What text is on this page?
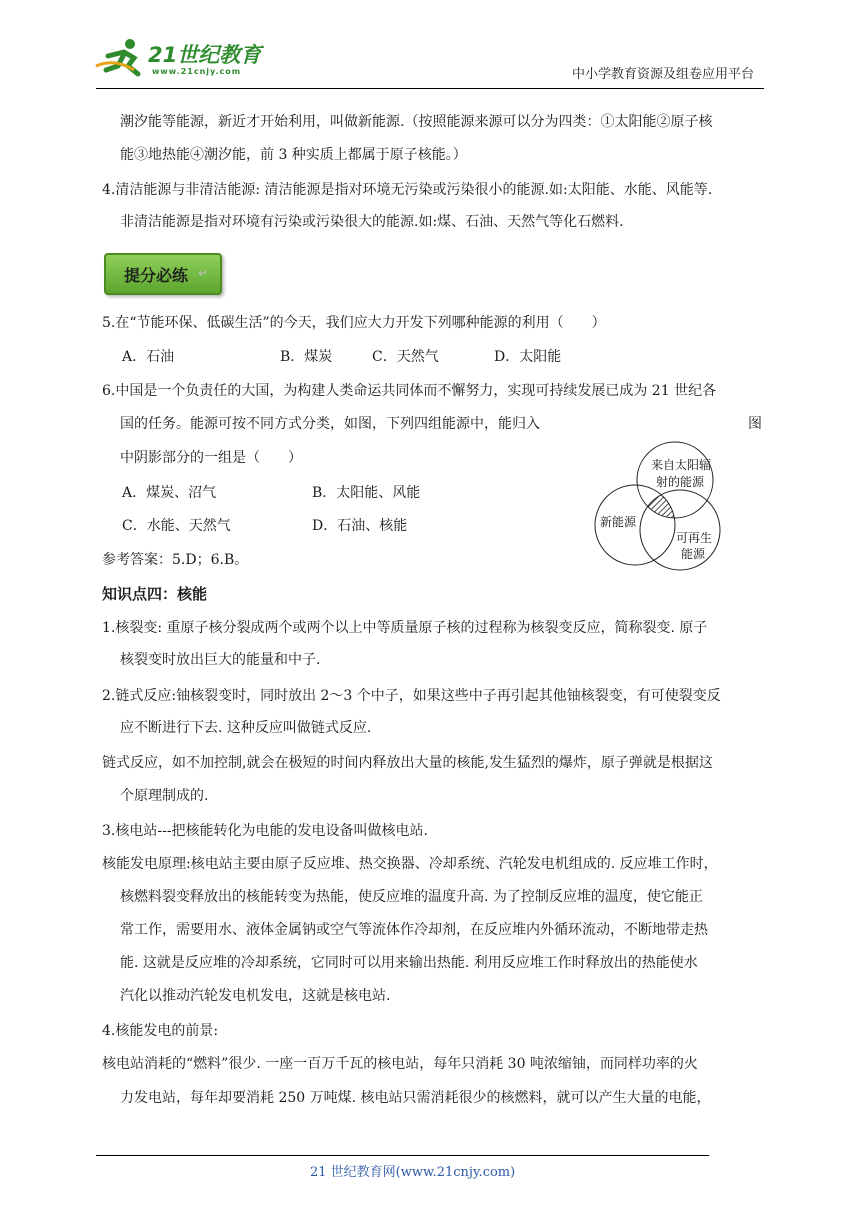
21世纪教育
www.21cnjy.com	中小学教育资源及组卷应用平台
潮汐能等能源，新近才开始利用，叫做新能源.（按照能源来源可以分为四类：①太阳能②原子核
能③地热能④潮汐能，前 3 种实质上都属于原子核能。）
4.清洁能源与非清洁能源: 清洁能源是指对环境无污染或污染很小的能源.如:太阳能、水能、风能等.
非清洁能源是指对环境有污染或污染很大的能源.如:煤、石油、天然气等化石燃料.
提分必练 ↵
5.在“节能环保、低碳生活”的今天，我们应大力开发下列哪种能源的利用（　　）
A．石油	B．煤炭	C．天然气	D．太阳能
6.中国是一个负责任的大国，为构建人类命运共同体而不懈努力，实现可持续发展已成为 21 世纪各
国的任务。能源可按不同方式分类，如图，下列四组能源中，能归入	图
中阴影部分的一组是（　　）
A．煤炭、沼气	B．太阳能、风能
C．水能、天然气	D．石油、核能
来自太阳辐
射的能源
新能源
可再生
能源
参考答案：5.D；6.B。
知识点四：核能
1.核裂变: 重原子核分裂成两个或两个以上中等质量原子核的过程称为核裂变反应，简称裂变. 原子
核裂变时放出巨大的能量和中子.
2.链式反应:铀核裂变时，同时放出 2～3 个中子，如果这些中子再引起其他铀核裂变，有可使裂变反
应不断进行下去. 这种反应叫做链式反应.
链式反应，如不加控制,就会在极短的时间内释放出大量的核能,发生猛烈的爆炸，原子弹就是根据这
个原理制成的.
3.核电站---把核能转化为电能的发电设备叫做核电站.
核能发电原理:核电站主要由原子反应堆、热交换器、冷却系统、汽轮发电机组成的. 反应堆工作时，
核燃料裂变释放出的核能转变为热能，使反应堆的温度升高. 为了控制反应堆的温度，使它能正
常工作，需要用水、液体金属钠或空气等流体作冷却剂，在反应堆内外循环流动，不断地带走热
能. 这就是反应堆的冷却系统，它同时可以用来输出热能. 利用反应堆工作时释放出的热能使水
汽化以推动汽轮发电机发电，这就是核电站.
4.核能发电的前景:
核电站消耗的“燃料”很少. 一座一百万千瓦的核电站，每年只消耗 30 吨浓缩铀，而同样功率的火
力发电站，每年却要消耗 250 万吨煤. 核电站只需消耗很少的核燃料，就可以产生大量的电能，
21 世纪教育网(www.21cnjy.com)
